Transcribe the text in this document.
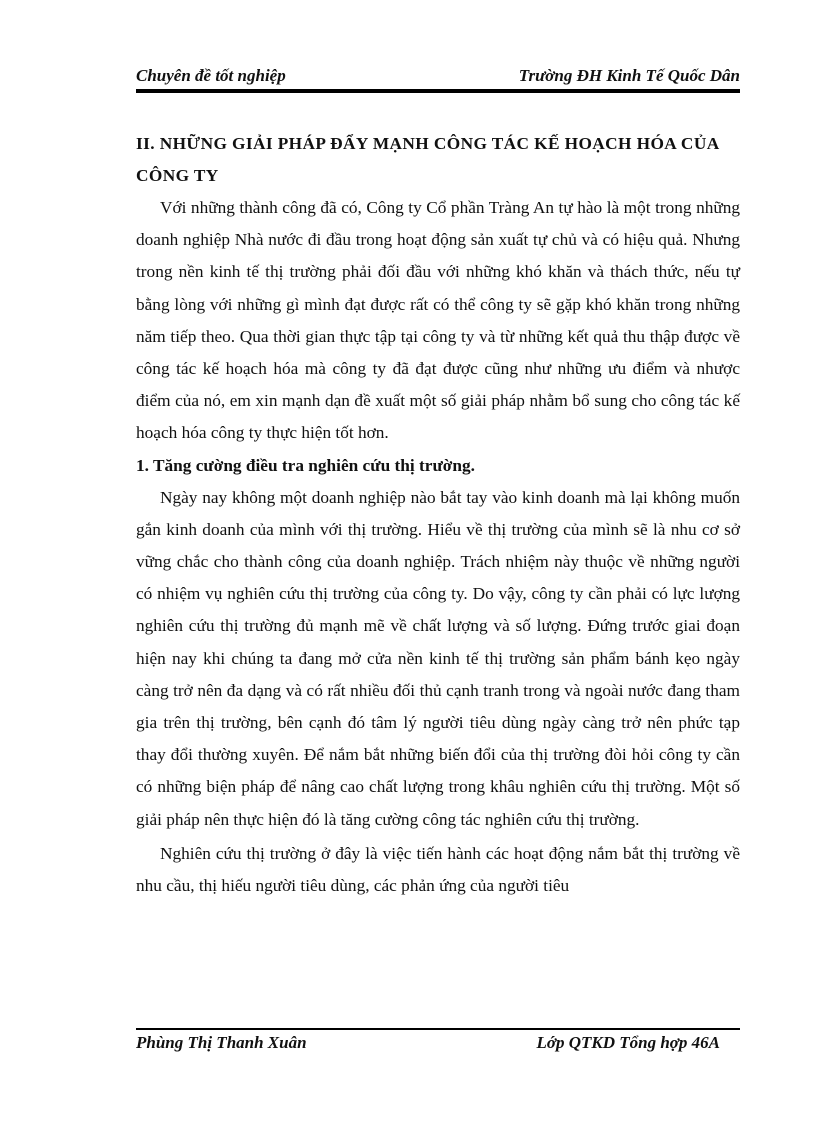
Chuyên đề tốt nghiệp	Trường ĐH Kinh Tế Quốc Dân

II. NHỮNG GIẢI PHÁP ĐẨY MẠNH CÔNG TÁC KẾ HOẠCH HÓA CỦA CÔNG TY

Với những thành công đã có, Công ty Cổ phần Tràng An tự hào là một trong những doanh nghiệp Nhà nước đi đầu trong hoạt động sản xuất tự chủ và có hiệu quả. Nhưng trong nền kinh tế thị trường phải đối đầu với những khó khăn và thách thức, nếu tự bằng lòng với những gì mình đạt được rất có thể công ty sẽ gặp khó khăn trong những năm tiếp theo. Qua thời gian thực tập tại công ty và từ những kết quả thu thập được về công tác kế hoạch hóa mà công ty đã đạt được cũng như những ưu điểm và nhược điểm của nó, em xin mạnh dạn đề xuất một số giải pháp nhằm bổ sung cho công tác kế hoạch hóa công ty thực hiện tốt hơn.

1. Tăng cường điều tra nghiên cứu thị trường.

Ngày nay không một doanh nghiệp nào bắt tay vào kinh doanh mà lại không muốn gắn kinh doanh của mình với thị trường. Hiểu về thị trường của mình sẽ là nhu cơ sở vững chắc cho thành công của doanh nghiệp. Trách nhiệm này thuộc về những người có nhiệm vụ nghiên cứu thị trường của công ty. Do vậy, công ty cần phải có lực lượng nghiên cứu thị trường đủ mạnh mẽ về chất lượng và số lượng. Đứng trước giai đoạn hiện nay khi chúng ta đang mở cửa nền kinh tế thị trường sản phẩm bánh kẹo ngày càng trở nên đa dạng và có rất nhiều đối thủ cạnh tranh trong và ngoài nước đang tham gia trên thị trường, bên cạnh đó tâm lý người tiêu dùng ngày càng trở nên phức tạp thay đổi thường xuyên. Để nắm bắt những biến đổi của thị trường đòi hỏi công ty cần có những biện pháp để nâng cao chất lượng trong khâu nghiên cứu thị trường. Một số giải pháp nên thực hiện đó là tăng cường công tác nghiên cứu thị trường.

Nghiên cứu thị trường ở đây là việc tiến hành các hoạt động nắm bắt thị trường về nhu cầu, thị hiếu người tiêu dùng, các phản ứng của người tiêu

Phùng Thị Thanh Xuân	Lớp QTKD Tổng hợp 46A
